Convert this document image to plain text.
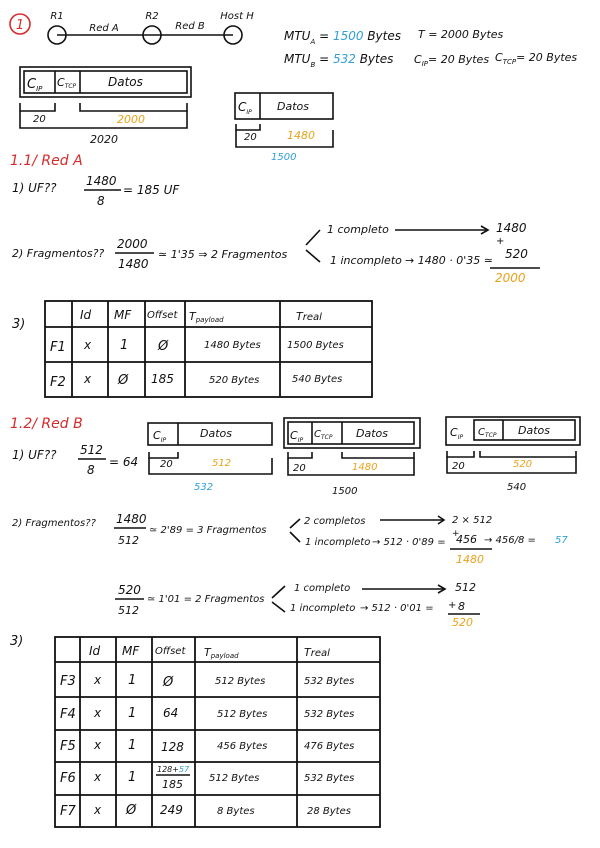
1
R1	R2	Host H
Red A	Red B
$MTU_A = 1500$ Bytes
$MTU_B = 532$ Bytes
T = 2000 Bytes
$C_{IP}= 20$ Bytes $C_{TCP}= 20$ Bytes
$C_{IP}$ CTCP	Datos
20	2000
2020
$C_{IP}$ Datos
20	1480
1500
1.1/ Red A
1) UF?? 1480
8
= 185 UF
2) Fragmentos??
2000
1480
≃ 1'35 ⇒ 2 Fragmentos
1 completo	1480
+
1 incompleto → 1480 · 0'35 ≃ 520
2000
3)
Id MF Offset Tpayload	Treal
F1 x 1 Ø	1480 Bytes	1500 Bytes
F2 x Ø 185	520 Bytes	540 Bytes
1.2/ Red B
1) UF?? 512
8
= 64
$C_{IP}$
Datos
20	512
532
$C_{IP}$
$C_{TCP}$ Datos
20	1480
1500
$C_{IP}$ $C_{TCP}$ Datos
20	520
540
2) Fragmentos?? 1480
512
≃ 2'89 = 3 Fragmentos
2 completos	2 × 512
+
1 incompleto → 512 · 0'89 = 456
1480
→ 456/8 = 57
520
512
≃ 1'01 = 2 Fragmentos
1 completo	512
1 incompleto → 512 · 0'01 = + 8
520
3)
Id MF Offset Tpayload	Treal
F3 x 1 Ø	512 Bytes	532 Bytes
F4 x 1 64	512 Bytes	532 Bytes
F5 x 1 128	456 Bytes	476 Bytes
F6 x 1
128+57
185	512 Bytes	532 Bytes
F7 x Ø 249	8 Bytes	28 Bytes
